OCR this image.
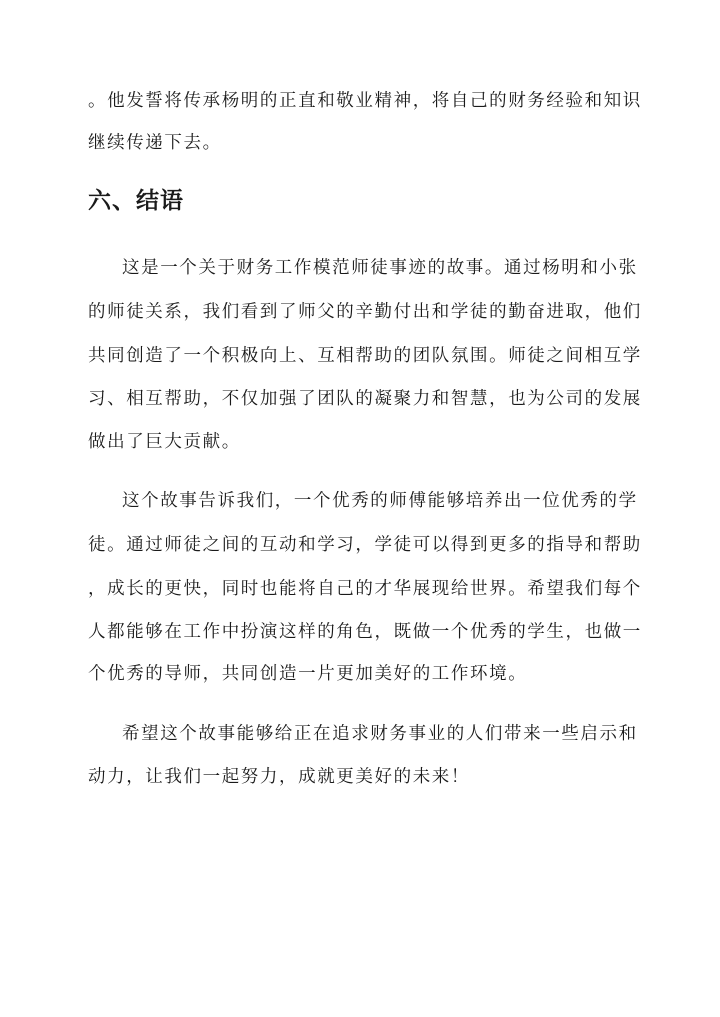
。他发誓将传承杨明的正直和敬业精神，将自己的财务经验和知识
继续传递下去。
六、结语
这是一个关于财务工作模范师徒事迹的故事。通过杨明和小张
的师徒关系，我们看到了师父的辛勤付出和学徒的勤奋进取，他们
共同创造了一个积极向上、互相帮助的团队氛围。师徒之间相互学
习、相互帮助，不仅加强了团队的凝聚力和智慧，也为公司的发展
做出了巨大贡献。
这个故事告诉我们，一个优秀的师傅能够培养出一位优秀的学
徒。通过师徒之间的互动和学习，学徒可以得到更多的指导和帮助
，成长的更快，同时也能将自己的才华展现给世界。希望我们每个
人都能够在工作中扮演这样的角色，既做一个优秀的学生，也做一
个优秀的导师，共同创造一片更加美好的工作环境。
希望这个故事能够给正在追求财务事业的人们带来一些启示和
动力，让我们一起努力，成就更美好的未来！
